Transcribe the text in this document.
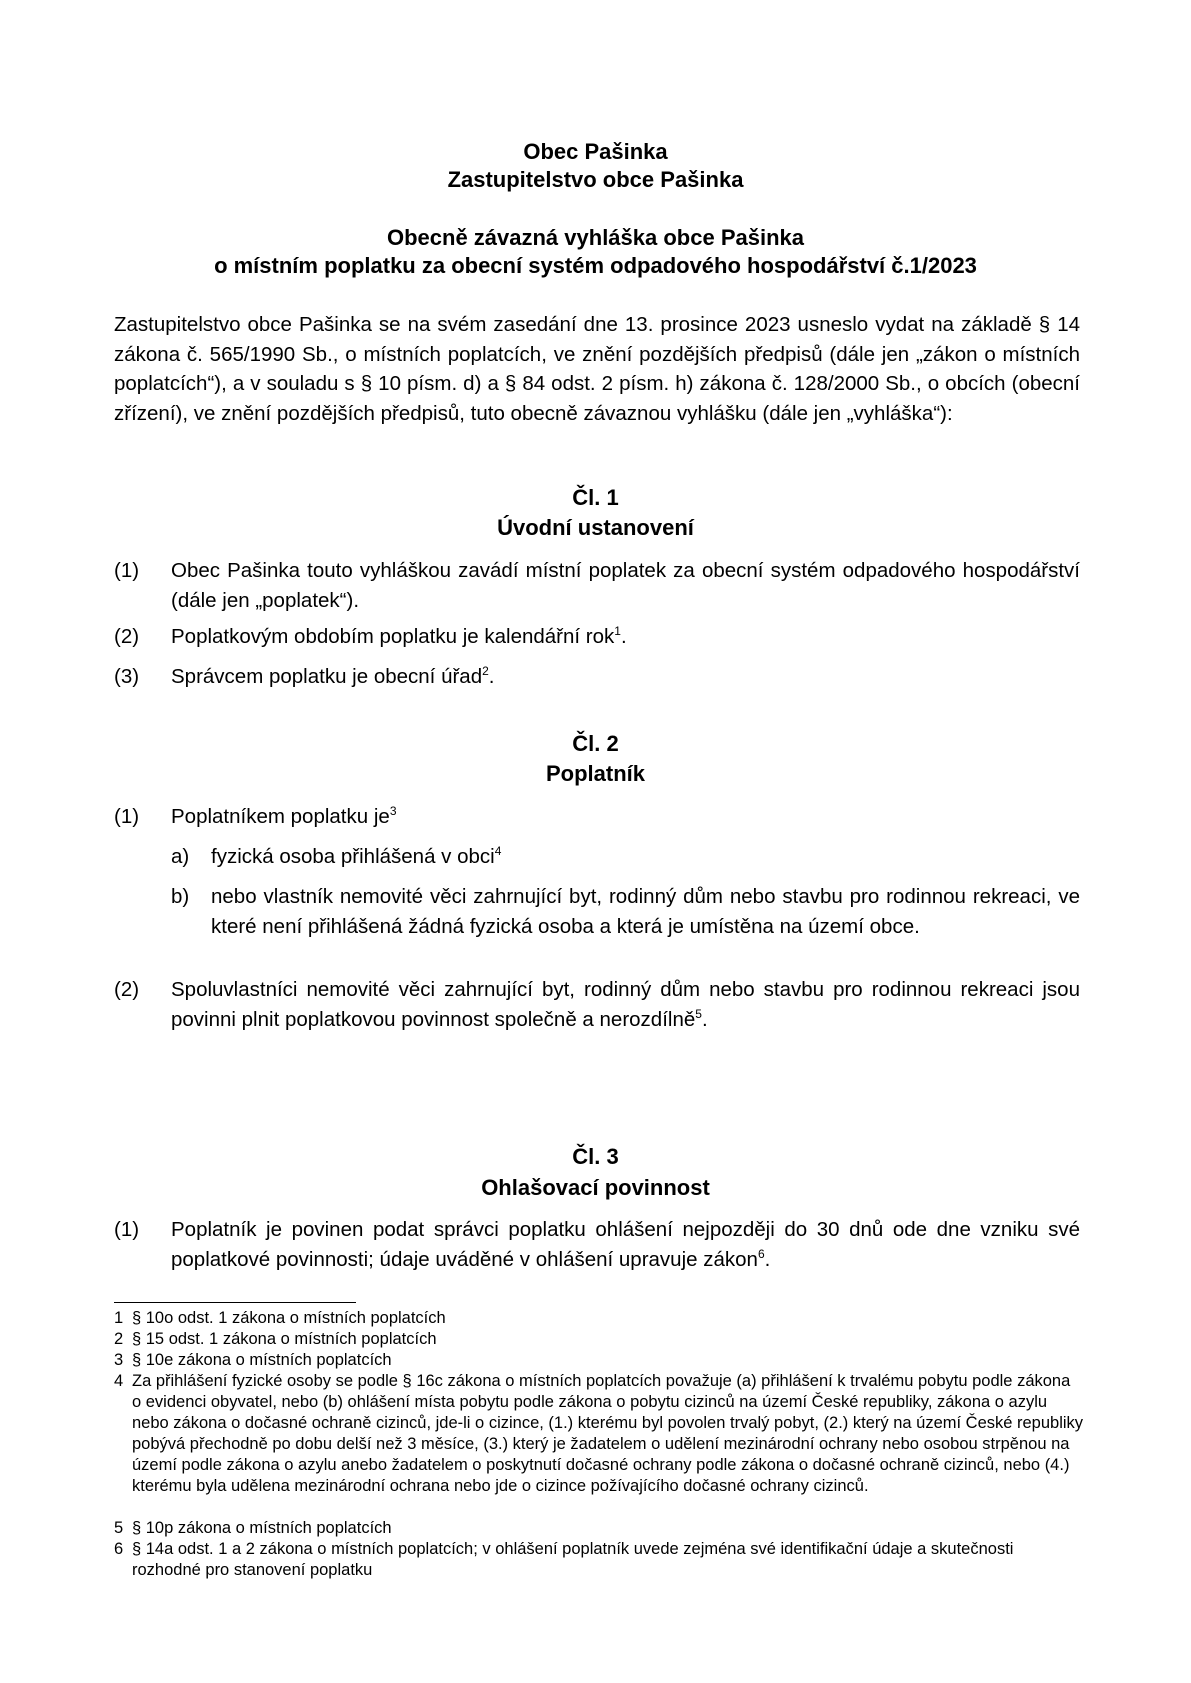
Obec Pašinka
Zastupitelstvo obce Pašinka
Obecně závazná vyhláška obce Pašinka
o místním poplatku za obecní systém odpadového hospodářství č.1/2023

Zastupitelstvo obce Pašinka se na svém zasedání dne 13. prosince 2023 usneslo vydat na základě § 14 zákona č. 565/1990 Sb., o místních poplatcích, ve znění pozdějších předpisů (dále jen „zákon o místních poplatcích“), a v souladu s § 10 písm. d) a § 84 odst. 2 písm. h) zákona č. 128/2000 Sb., o obcích (obecní zřízení), ve znění pozdějších předpisů, tuto obecně závaznou vyhlášku (dále jen „vyhláška“):

Čl. 1
Úvodní ustanovení
(1) Obec Pašinka touto vyhláškou zavádí místní poplatek za obecní systém odpadového hospodářství (dále jen „poplatek“).
(2) Poplatkovým obdobím poplatku je kalendářní rok$^1$.
(3) Správcem poplatku je obecní úřad$^2$.
Čl. 2
Poplatník
(1) Poplatníkem poplatku $je^3$
a) fyzická osoba přihlášená v obci$^4$
b) nebo vlastník nemovité věci zahrnující byt, rodinný dům nebo stavbu pro rodinnou rekreaci, ve které není přihlášená žádná fyzická osoba a která je umístěna na území obce.
(2) Spoluvlastníci nemovité věci zahrnující byt, rodinný dům nebo stavbu pro rodinnou rekreaci jsou povinni plnit poplatkovou povinnost společně a nerozdílně$^5$.
Čl. 3
Ohlašovací povinnost
(1) Poplatník je povinen podat správci poplatku ohlášení nejpozději do 30 dnů ode dne vzniku své poplatkové povinnosti; údaje uváděné v ohlášení upravuje zákon$^6$.
1 § 10o odst. 1 zákona o místních poplatcích
2 § 15 odst. 1 zákona o místních poplatcích
3 § 10e zákona o místních poplatcích
4 Za přihlášení fyzické osoby se podle § 16c zákona o místních poplatcích považuje (a) přihlášení k trvalému pobytu podle zákona o evidenci obyvatel, nebo (b) ohlášení místa pobytu podle zákona o pobytu cizinců na území České republiky, zákona o azylu nebo zákona o dočasné ochraně cizinců, jde-li o cizince, (1.) kterému byl povolen trvalý pobyt, (2.) který na území České republiky pobývá přechodně po dobu delší než 3 měsíce, (3.) který je žadatelem o udělení mezinárodní ochrany nebo osobou strpěnou na území podle zákona o azylu anebo žadatelem o poskytnutí dočasné ochrany podle zákona o dočasné ochraně cizinců, nebo (4.) kterému byla udělena mezinárodní ochrana nebo jde o cizince požívajícího dočasné ochrany cizinců.
5 § 10p zákona o místních poplatcích
6 § 14a odst. 1 a 2 zákona o místních poplatcích; v ohlášení poplatník uvede zejména své identifikační údaje a skutečnosti rozhodné pro stanovení poplatku
